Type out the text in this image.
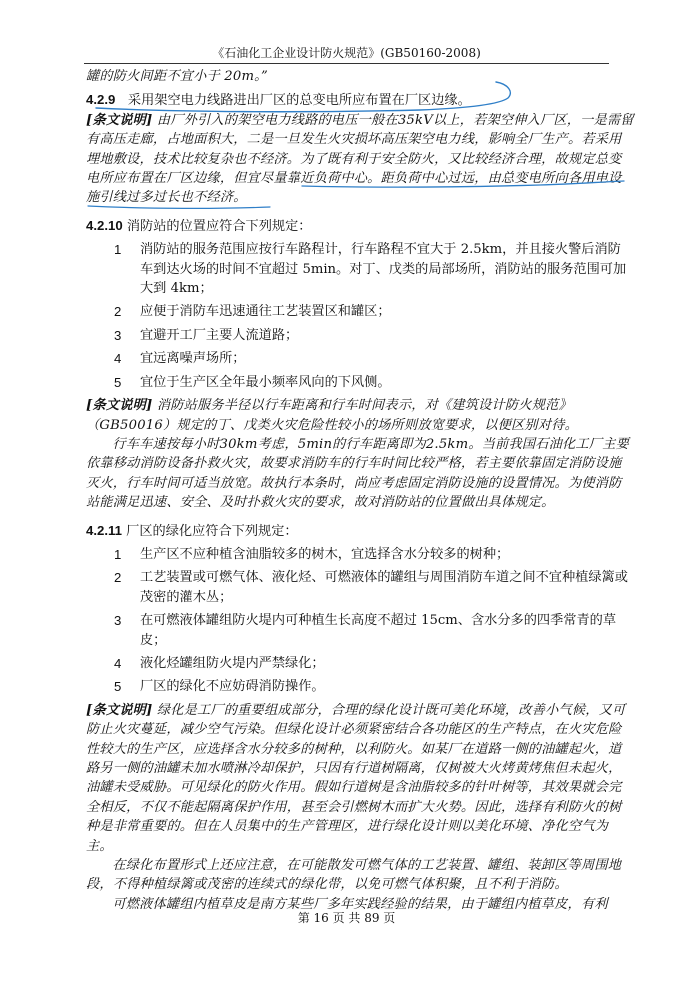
《石油化工企业设计防火规范》(GB50160-2008)

罐的防火间距不宜小于 20m。”

4.2.9 采用架空电力线路进出厂区的总变电所应布置在厂区边缘。

[条文说明] 由厂外引入的架空电力线路的电压一般在35kV以上，若架空伸入厂区，一是需留有高压走廊，占地面积大，二是一旦发生火灾损坏高压架空电力线，影响全厂生产。若采用埋地敷设，技术比较复杂也不经济。为了既有利于安全防火，又比较经济合理，故规定总变电所应布置在厂区边缘，但宜尽量靠近负荷中心。距负荷中心过远，由总变电所向各用电设施引线过多过长也不经济。

4.2.10 消防站的位置应符合下列规定：

1	消防站的服务范围应按行车路程计，行车路程不宜大于 2.5km，并且接火警后消防车到达火场的时间不宜超过 5min。对丁、戊类的局部场所，消防站的服务范围可加大到 4km；
2	应便于消防车迅速通往工艺装置区和罐区；
3	宜避开工厂主要人流道路；
4	宜远离噪声场所；
5	宜位于生产区全年最小频率风向的下风侧。

[条文说明] 消防站服务半径以行车距离和行车时间表示，对《建筑设计防火规范》（GB50016）规定的丁、戊类火灾危险性较小的场所则放宽要求，以便区别对待。

行车车速按每小时30km考虑，5min的行车距离即为2.5km。当前我国石油化工厂主要依靠移动消防设备扑救火灾，故要求消防车的行车时间比较严格，若主要依靠固定消防设施灭火，行车时间可适当放宽。故执行本条时，尚应考虑固定消防设施的设置情况。为使消防站能满足迅速、安全、及时扑救火灾的要求，故对消防站的位置做出具体规定。

4.2.11 厂区的绿化应符合下列规定：

1	生产区不应种植含油脂较多的树木，宜选择含水分较多的树种；
2	工艺装置或可燃气体、液化烃、可燃液体的罐组与周围消防车道之间不宜种植绿篱或茂密的灌木丛；
3	在可燃液体罐组防火堤内可种植生长高度不超过 15cm、含水分多的四季常青的草皮；
4	液化烃罐组防火堤内严禁绿化；
5	厂区的绿化不应妨碍消防操作。

[条文说明] 绿化是工厂的重要组成部分，合理的绿化设计既可美化环境，改善小气候，又可防止火灾蔓延，减少空气污染。但绿化设计必须紧密结合各功能区的生产特点，在火灾危险性较大的生产区，应选择含水分较多的树种，以利防火。如某厂在道路一侧的油罐起火，道路另一侧的油罐未加水喷淋冷却保护，只因有行道树隔离，仅树被大火烤黄烤焦但未起火，油罐未受威胁。可见绿化的防火作用。假如行道树是含油脂较多的针叶树等，其效果就会完全相反，不仅不能起隔离保护作用，甚至会引燃树木而扩大火势。因此，选择有利防火的树种是非常重要的。但在人员集中的生产管理区，进行绿化设计则以美化环境、净化空气为主。

在绿化布置形式上还应注意，在可能散发可燃气体的工艺装置、罐组、装卸区等周围地段，不得种植绿篱或茂密的连续式的绿化带，以免可燃气体积聚，且不利于消防。

可燃液体罐组内植草皮是南方某些厂多年实践经验的结果，由于罐组内植草皮，有利

第 16 页 共 89 页
